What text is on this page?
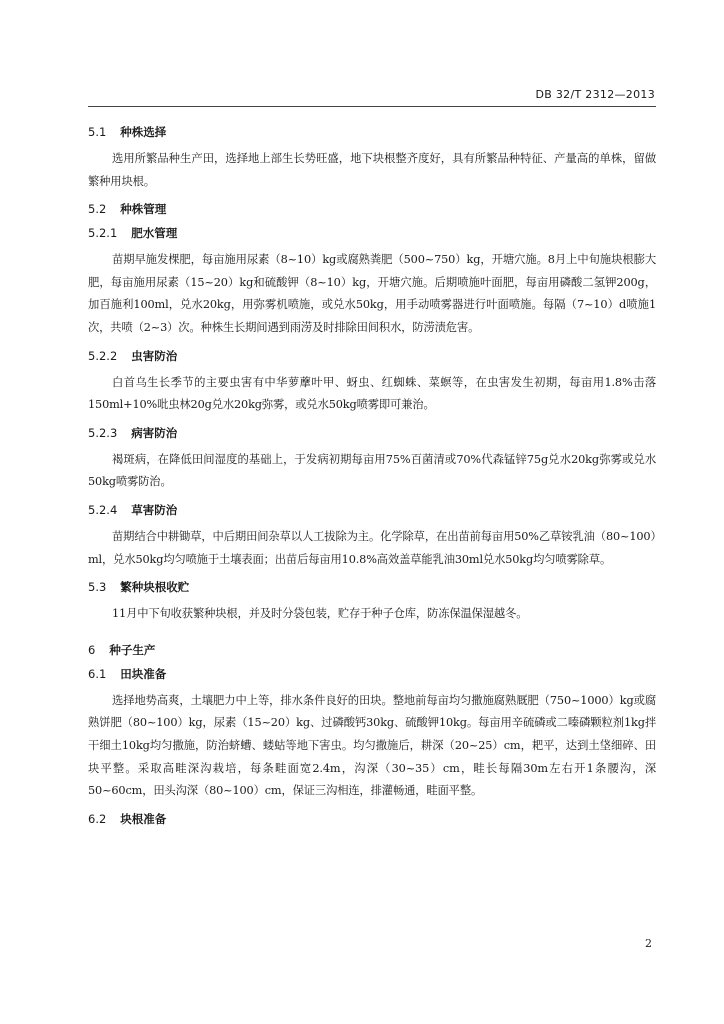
DB 32/T 2312—2013
5.1 种株选择

选用所繁品种生产田，选择地上部生长势旺盛，地下块根整齐度好，具有所繁品种特征、产量高的单株，留做繁种用块根。

5.2 种株管理
5.2.1 肥水管理

苗期早施发棵肥，每亩施用尿素（8~10）kg或腐熟粪肥（500~750）kg，开塘穴施。8月上中旬施块根膨大肥，每亩施用尿素（15~20）kg和硫酸钾（8~10）kg，开塘穴施。后期喷施叶面肥，每亩用磷酸二氢钾200g，加百施利100ml，兑水20kg，用弥雾机喷施，或兑水50kg，用手动喷雾器进行叶面喷施。每隔（7~10）d喷施1次，共喷（2~3）次。种株生长期间遇到雨涝及时排除田间积水，防涝渍危害。

5.2.2 虫害防治

白首乌生长季节的主要虫害有中华萝藦叶甲、蚜虫、红蜘蛛、菜螟等，在虫害发生初期，每亩用1.8%击落150ml+10%吡虫林20g兑水20kg弥雾，或兑水50kg喷雾即可兼治。

5.2.3 病害防治

褐斑病，在降低田间湿度的基础上，于发病初期每亩用75%百菌清或70%代森锰锌75g兑水20kg弥雾或兑水50kg喷雾防治。

5.2.4 草害防治

苗期结合中耕锄草，中后期田间杂草以人工拔除为主。化学除草，在出苗前每亩用50%乙草铵乳油（80~100）ml，兑水50kg均匀喷施于土壤表面；出苗后每亩用10.8%高效盖草能乳油30ml兑水50kg均匀喷雾除草。

5.3 繁种块根收贮

11月中下旬收获繁种块根，并及时分袋包装，贮存于种子仓库，防冻保温保湿越冬。

6 种子生产
6.1 田块准备

选择地势高爽，土壤肥力中上等，排水条件良好的田块。整地前每亩均匀撒施腐熟厩肥（750~1000）kg或腐熟饼肥（80~100）kg，尿素（15~20）kg、过磷酸钙30kg、硫酸钾10kg。每亩用辛硫磷或二嗪磷颗粒剂1kg拌干细土10kg均匀撒施，防治蛴螬、蝼蛄等地下害虫。均匀撒施后，耕深（20~25）cm，耙平，达到土垡细碎、田块平整。采取高畦深沟栽培，每条畦面宽2.4m，沟深（30~35）cm，畦长每隔30m左右开1条腰沟，深50~60cm，田头沟深（80~100）cm，保证三沟相连，排灌畅通，畦面平整。

6.2 块根准备
2
